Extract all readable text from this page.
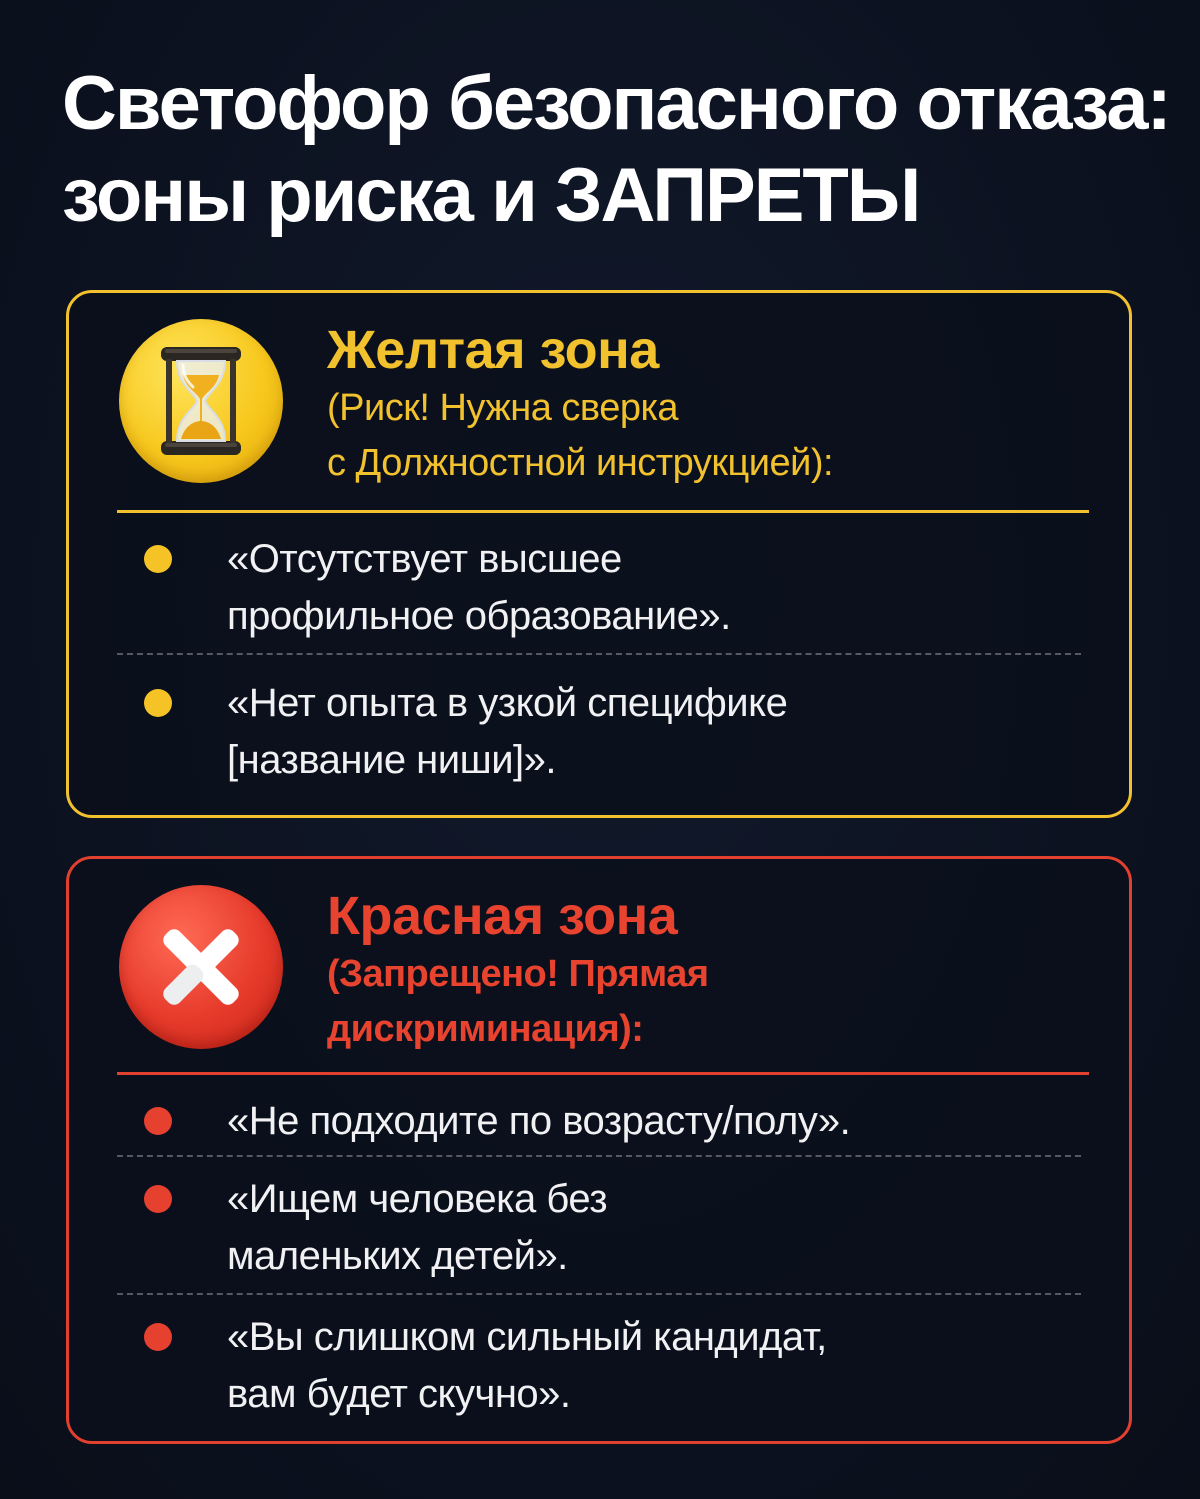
Светофор безопасного отказа:
зоны риска и ЗАПРЕТЫ
Желтая зона
(Риск! Нужна сверка
с Должностной инструкцией):
«Отсутствует высшее
профильное образование».
«Нет опыта в узкой специфике
[название ниши]».
Красная зона
(Запрещено! Прямая
дискриминация):
«Не подходите по возрасту/полу».
«Ищем человека без
маленьких детей».
«Вы слишком сильный кандидат,
вам будет скучно».
